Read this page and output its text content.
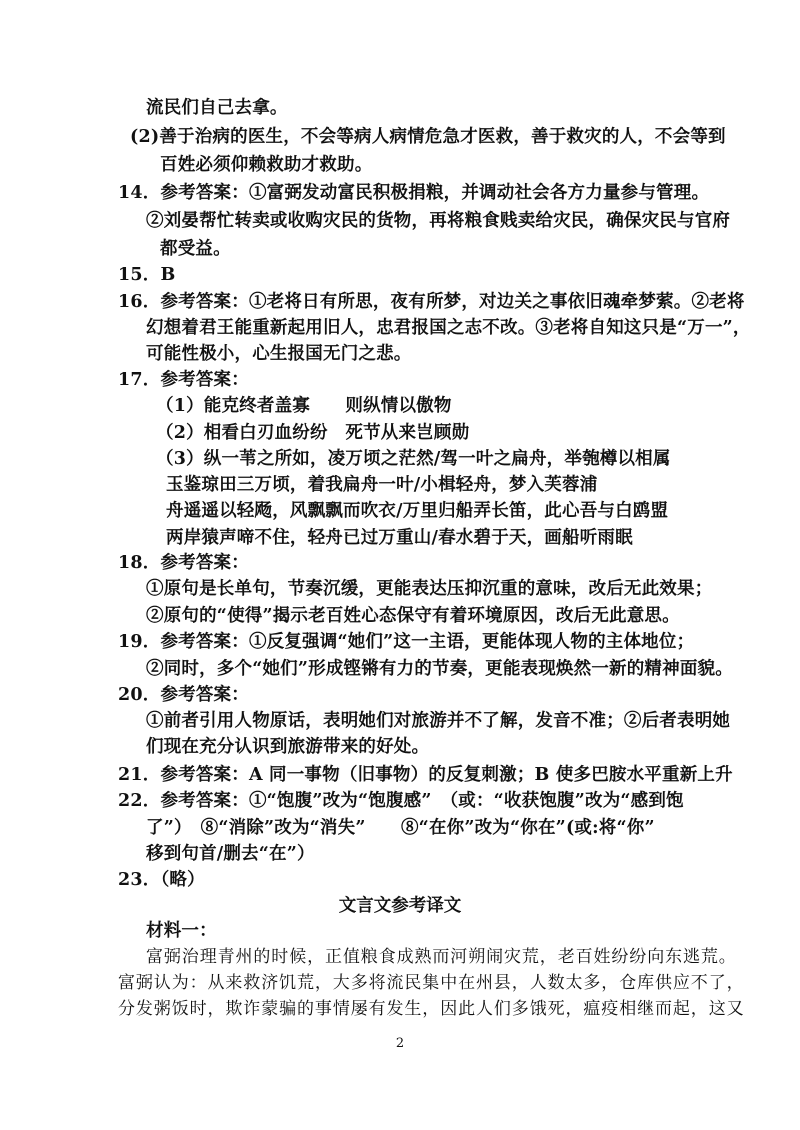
流民们自己去拿。
(2)善于治病的医生，不会等病人病情危急才医救，善于救灾的人，不会等到
百姓必须仰赖救助才救助。
14．参考答案：①富弼发动富民积极捐粮，并调动社会各方力量参与管理。
②刘晏帮忙转卖或收购灾民的货物，再将粮食贱卖给灾民，确保灾民与官府
都受益。
15．B
16．参考答案：①老将日有所思，夜有所梦，对边关之事依旧魂牵梦萦。②老将
幻想着君王能重新起用旧人，忠君报国之志不改。③老将自知这只是“万一”，
可能性极小，心生报国无门之悲。
17．参考答案：
（1）能克终者盖寡　　则纵情以傲物
（2）相看白刃血纷纷　死节从来岂顾勋
（3）纵一苇之所如，凌万顷之茫然/驾一叶之扁舟，举匏樽以相属
玉鉴琼田三万顷，着我扁舟一叶/小楫轻舟，梦入芙蓉浦
舟遥遥以轻飏，风飘飘而吹衣/万里归船弄长笛，此心吾与白鸥盟
两岸猿声啼不住，轻舟已过万重山/春水碧于天，画船听雨眠
18．参考答案：
①原句是长单句，节奏沉缓，更能表达压抑沉重的意味，改后无此效果；
②原句的“使得”揭示老百姓心态保守有着环境原因，改后无此意思。
19．参考答案：①反复强调“她们”这一主语，更能体现人物的主体地位；
②同时，多个“她们”形成铿锵有力的节奏，更能表现焕然一新的精神面貌。
20．参考答案：
①前者引用人物原话，表明她们对旅游并不了解，发音不准；②后者表明她
们现在充分认识到旅游带来的好处。
21．参考答案：A 同一事物（旧事物）的反复刺激；B 使多巴胺水平重新上升
22．参考答案：①“饱腹”改为“饱腹感”　（或：“收获饱腹”改为“感到饱
了”）　⑧“消除”改为“消失”　　⑧“在你”改为“你在”(或:将“你”
移到句首/删去“在”）
23．（略）
文言文参考译文
材料一：
富弼治理青州的时候，正值粮食成熟而河朔闹灾荒，老百姓纷纷向东逃荒。
富弼认为：从来救济饥荒，大多将流民集中在州县，人数太多，仓库供应不了，
分发粥饭时，欺诈蒙骗的事情屡有发生，因此人们多饿死，瘟疫相继而起，这又
2
